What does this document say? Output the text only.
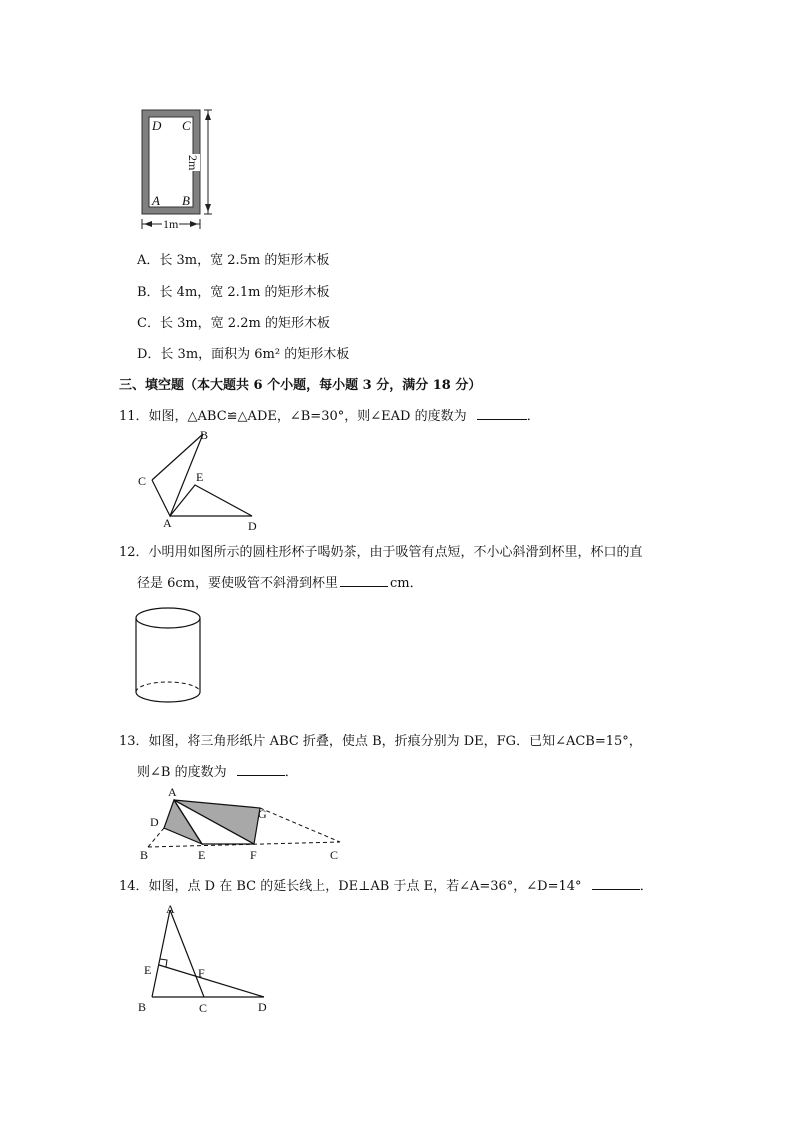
D C
A B
2m
1m
A．长 3m，宽 2.5m 的矩形木板
B．长 4m，宽 2.1m 的矩形木板
C．长 3m，宽 2.2m 的矩形木板
D．长 3m，面积为 6m² 的矩形木板
三、填空题（本大题共 6 个小题，每小题 3 分，满分 18 分）
11．如图，△ABC≌△ADE，∠B=30°，则∠EAD 的度数为	．
B
C	E
A	D
12．小明用如图所示的圆柱形杯子喝奶茶，由于吸管有点短，不小心斜滑到杯里，杯口的直
径是 6cm，要使吸管不斜滑到杯里	cm．
13．如图，将三角形纸片 ABC 折叠，使点 B，折痕分别为 DE，FG．已知∠ACB=15°，
则∠B 的度数为	．
A
D
G
B	E	F	C
14．如图，点 D 在 BC 的延长线上，DE⊥AB 于点 E，若∠A=36°，∠D=14°	．
A
E	F
B	C	D
